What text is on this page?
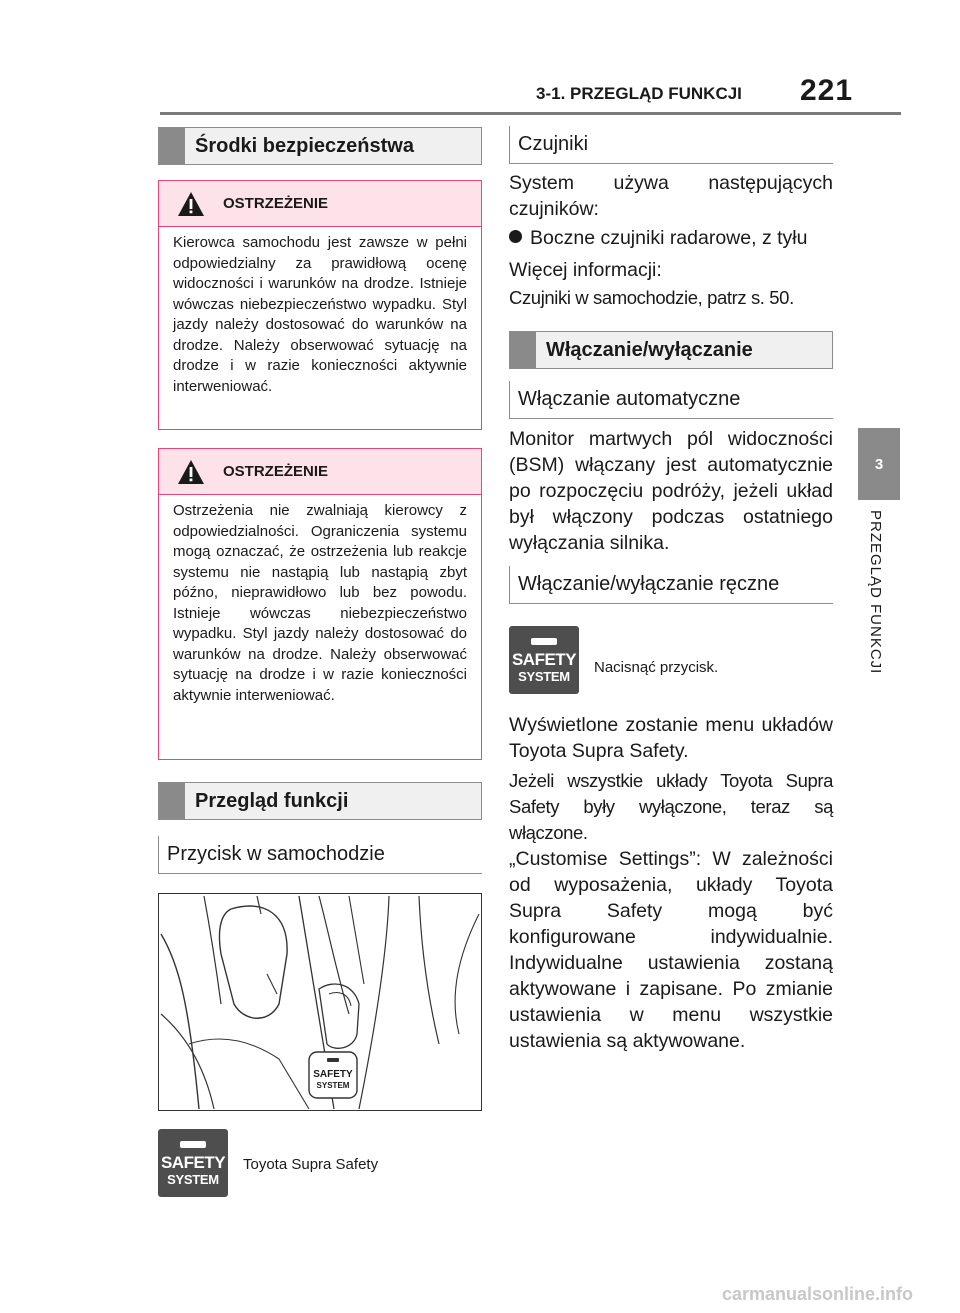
3-1. PRZEGLĄD FUNKCJI 221
3
PRZEGLĄD FUNKCJI
Środki bezpieczeństwa
OSTRZEŻENIE
Kierowca samochodu jest zawsze w pełni odpowiedzialny za prawidłową ocenę widoczności i warunków na drodze. Istnieje wówczas niebezpieczeństwo wypadku. Styl jazdy należy dostosować do warunków na drodze. Należy obserwować sytuację na drodze i w razie konieczności aktywnie interweniować.
OSTRZEŻENIE
Ostrzeżenia nie zwalniają kierowcy z odpowiedzialności. Ograniczenia systemu mogą oznaczać, że ostrzeżenia lub reakcje systemu nie nastąpią lub nastąpią zbyt późno, nieprawidłowo lub bez powodu. Istnieje wówczas niebezpieczeństwo wypadku. Styl jazdy należy dostosować do warunków na drodze. Należy obserwować sytuację na drodze i w razie konieczności aktywnie interweniować.
Przegląd funkcji
Przycisk w samochodzie
SAFETY
SYSTEM
SAFETY
SYSTEM
Toyota Supra Safety
Czujniki
System używa następujących czujników:
Boczne czujniki radarowe, z tyłu
Więcej informacji:
Czujniki w samochodzie, patrz s. 50.
Włączanie/wyłączanie
Włączanie automatyczne
Monitor martwych pól widoczności (BSM) włączany jest automatycznie po rozpoczęciu podróży, jeżeli układ był włączony podczas ostatniego wyłączania silnika.
Włączanie/wyłączanie ręczne
SAFETY
SYSTEM Nacisnąć przycisk.
Wyświetlone zostanie menu układów Toyota Supra Safety.
Jeżeli wszystkie układy Toyota Supra Safety były wyłączone, teraz są włączone.
„Customise Settings”: W zależności od wyposażenia, układy Toyota Supra Safety mogą być konfigurowane indywidualnie. Indywidualne ustawienia zostaną aktywowane i zapisane. Po zmianie ustawienia w menu wszystkie ustawienia są aktywowane.
carmanualsonline.info
